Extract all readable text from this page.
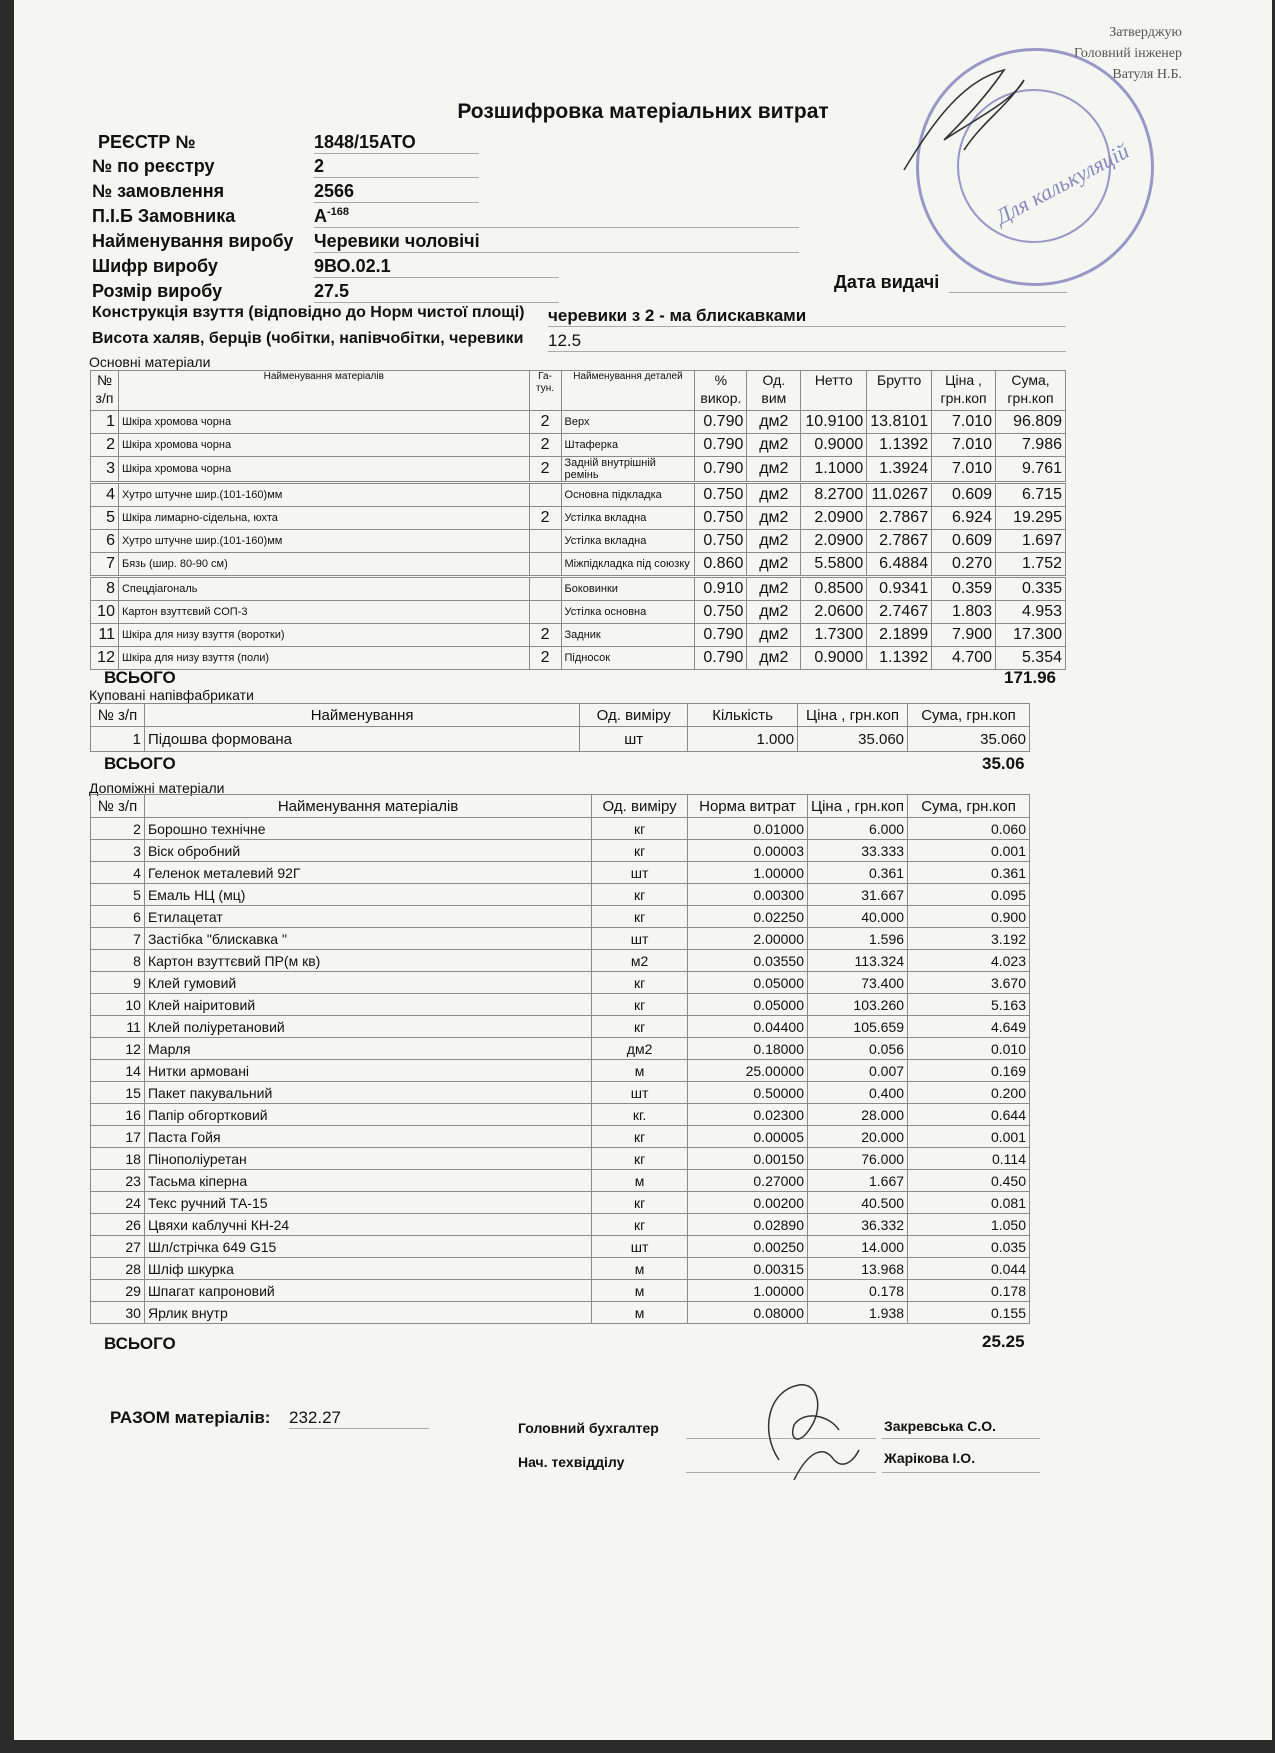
Затверджую
Головний інженер
Ватуля Н.Б.
Для калькуляцій
Розшифровка матеріальних витрат
РЕЄСТР №	1848/15АТО
№ по реєстру	2
№ замовлення	2566
П.І.Б Замовника	$А^{-168}$
Найменування виробу Черевики чоловічі
Шифр виробу	9ВО.02.1
Розмір виробу	27.5	Дата видачі
Конструкція взуття (відповідно до Норм чистої площі) черевики з 2 - ма блискавками
Висота халяв, берців (чобітки, напівчобітки, черевики 12.5
Основні матеріали
№ з/п	Найменування матеріалів	Га-тун.	Найменування деталей	% викор.	Од. вим	Нетто	Брутто	Ціна , грн.коп	Сума, грн.коп
1	Шкіра хромова чорна	2	Верх	0.790	дм2	10.9100	13.8101	7.010	96.809
2	Шкіра хромова чорна	2	Штаферка	0.790	дм2	0.9000	1.1392	7.010	7.986
3	Шкіра хромова чорна	2	Задній внутрішній ремінь	0.790	дм2	1.1000	1.3924	7.010	9.761
4	Хутро штучне шир.(101-160)мм		Основна підкладка	0.750	дм2	8.2700	11.0267	0.609	6.715
5	Шкіра лимарно-сідельна, юхта	2	Устілка вкладна	0.750	дм2	2.0900	2.7867	6.924	19.295
6	Хутро штучне шир.(101-160)мм		Устілка вкладна	0.750	дм2	2.0900	2.7867	0.609	1.697
7	Бязь (шир. 80-90 см)		Міжпідкладка під союзку	0.860	дм2	5.5800	6.4884	0.270	1.752
8	Спецдіагональ		Боковинки	0.910	дм2	0.8500	0.9341	0.359	0.335
10	Картон взуттєвий СОП-3		Устілка основна	0.750	дм2	2.0600	2.7467	1.803	4.953
11	Шкіра для низу взуття (воротки)	2	Задник	0.790	дм2	1.7300	2.1899	7.900	17.300
12	Шкіра для низу взуття (поли)	2	Підносок	0.790	дм2	0.9000	1.1392	4.700	5.354
ВСЬОГО	171.96
Куповані напівфабрикати
№ з/п	Найменування	Од. виміру	Кількість	Ціна , грн.коп	Сума, грн.коп
1	Підошва формована	шт	1.000	35.060	35.060
ВСЬОГО	35.06
Допоміжні матеріали
№ з/п	Найменування матеріалів	Од. виміру	Норма витрат	Ціна , грн.коп	Сума, грн.коп
2	Борошно технічне	кг	0.01000	6.000	0.060
3	Віск обробний	кг	0.00003	33.333	0.001
4	Геленок металевий 92Г	шт	1.00000	0.361	0.361
5	Емаль НЦ (мц)	кг	0.00300	31.667	0.095
6	Етилацетат	кг	0.02250	40.000	0.900
7	Застібка "блискавка "	шт	2.00000	1.596	3.192
8	Картон взуттєвий ПР(м кв)	м2	0.03550	113.324	4.023
9	Клей гумовий	кг	0.05000	73.400	3.670
10	Клей наіритовий	кг	0.05000	103.260	5.163
11	Клей поліуретановий	кг	0.04400	105.659	4.649
12	Марля	дм2	0.18000	0.056	0.010
14	Нитки армовані	м	25.00000	0.007	0.169
15	Пакет пакувальний	шт	0.50000	0.400	0.200
16	Папір обгортковий	кг.	0.02300	28.000	0.644
17	Паста Гойя	кг	0.00005	20.000	0.001
18	Пінополіуретан	кг	0.00150	76.000	0.114
23	Тасьма кіперна	м	0.27000	1.667	0.450
24	Текс ручний ТА-15	кг	0.00200	40.500	0.081
26	Цвяхи каблучні КН-24	кг	0.02890	36.332	1.050
27	Шл/стрічка 649 G15	шт	0.00250	14.000	0.035
28	Шліф шкурка	м	0.00315	13.968	0.044
29	Шпагат капроновий	м	1.00000	0.178	0.178
30	Ярлик внутр	м	0.08000	1.938	0.155
ВСЬОГО	25.25
РАЗОМ матеріалів: 232.27
Головний бухгалтер	Закревська С.О.
Нач. техвідділу	Жарікова І.О.
